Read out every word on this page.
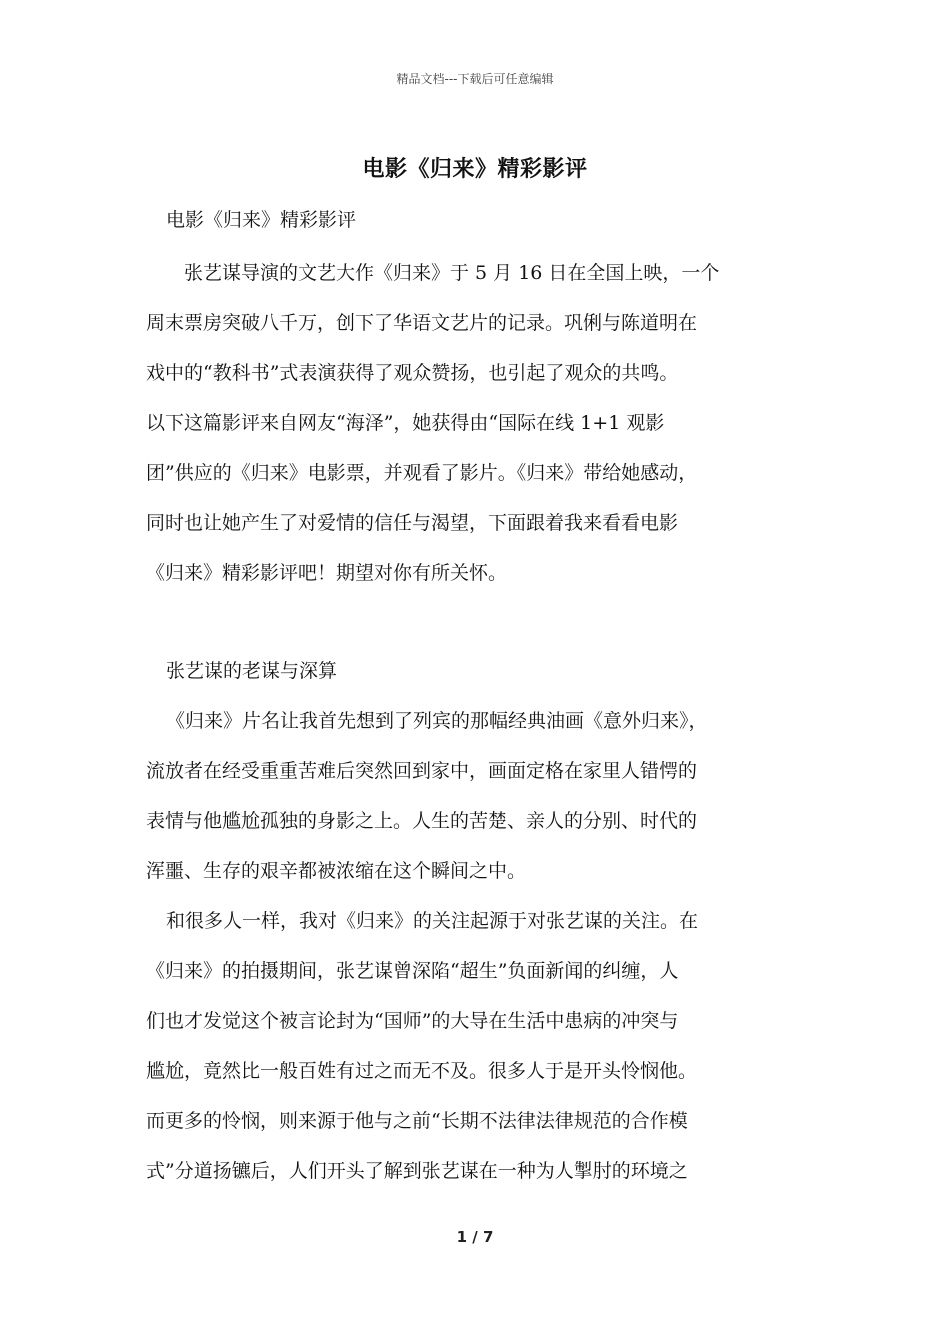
精品文档---下载后可任意编辑
电影《归来》精彩影评
电影《归来》精彩影评
张艺谋导演的文艺大作《归来》于 5 月 16 日在全国上映，一个
周末票房突破八千万，创下了华语文艺片的记录。巩俐与陈道明在
戏中的“教科书”式表演获得了观众赞扬，也引起了观众的共鸣。
以下这篇影评来自网友“海泽”，她获得由“国际在线 1+1 观影
团”供应的《归来》电影票，并观看了影片。《归来》带给她感动，
同时也让她产生了对爱情的信任与渴望，下面跟着我来看看电影
《归来》精彩影评吧！期望对你有所关怀。
张艺谋的老谋与深算
《归来》片名让我首先想到了列宾的那幅经典油画《意外归来》，
流放者在经受重重苦难后突然回到家中，画面定格在家里人错愕的
表情与他尴尬孤独的身影之上。人生的苦楚、亲人的分别、时代的
浑噩、生存的艰辛都被浓缩在这个瞬间之中。
和很多人一样，我对《归来》的关注起源于对张艺谋的关注。在
《归来》的拍摄期间，张艺谋曾深陷“超生”负面新闻的纠缠，人
们也才发觉这个被言论封为“国师”的大导在生活中患病的冲突与
尴尬，竟然比一般百姓有过之而无不及。很多人于是开头怜悯他。
而更多的怜悯，则来源于他与之前“长期不法律法律规范的合作模
式”分道扬镳后，人们开头了解到张艺谋在一种为人掣肘的环境之
1 / 7
